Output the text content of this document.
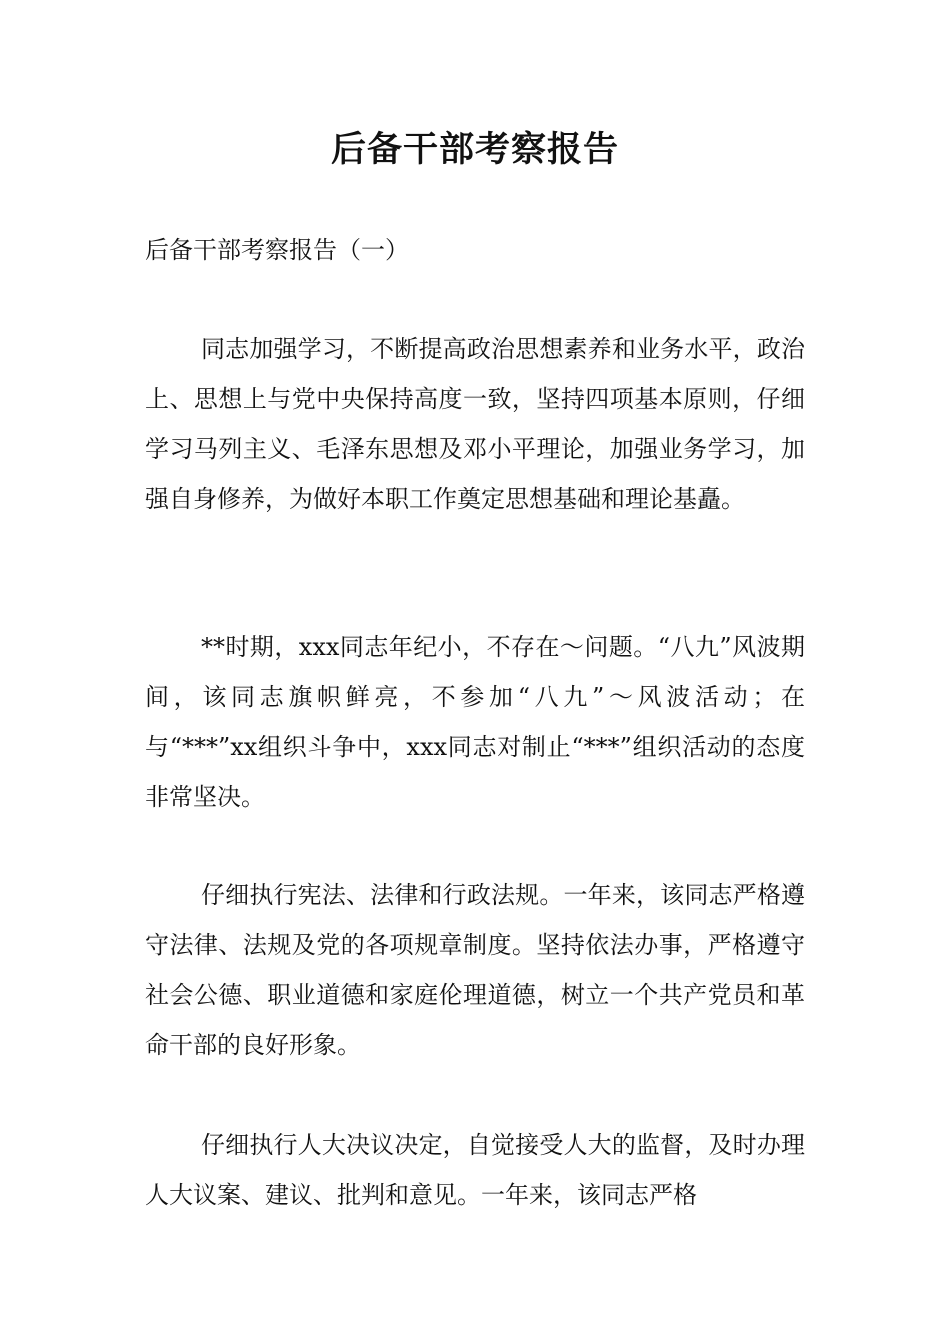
后备干部考察报告

后备干部考察报告（一）

同志加强学习，不断提高政治思想素养和业务水平，政治上、思想上与党中央保持高度一致，坚持四项基本原则，仔细学习马列主义、毛泽东思想及邓小平理论，加强业务学习，加强自身修养，为做好本职工作奠定思想基础和理论基矗。

**时期，xxx同志年纪小，不存在～问题。“八九”风波期间，该同志旗帜鲜亮，不参加“八九”～风波活动；在与“***”xx组织斗争中，xxx同志对制止“***”组织活动的态度非常坚决。

仔细执行宪法、法律和行政法规。一年来，该同志严格遵守法律、法规及党的各项规章制度。坚持依法办事，严格遵守社会公德、职业道德和家庭伦理道德，树立一个共产党员和革命干部的良好形象。

仔细执行人大决议决定，自觉接受人大的监督，及时办理人大议案、建议、批判和意见。一年来，该同志严格
